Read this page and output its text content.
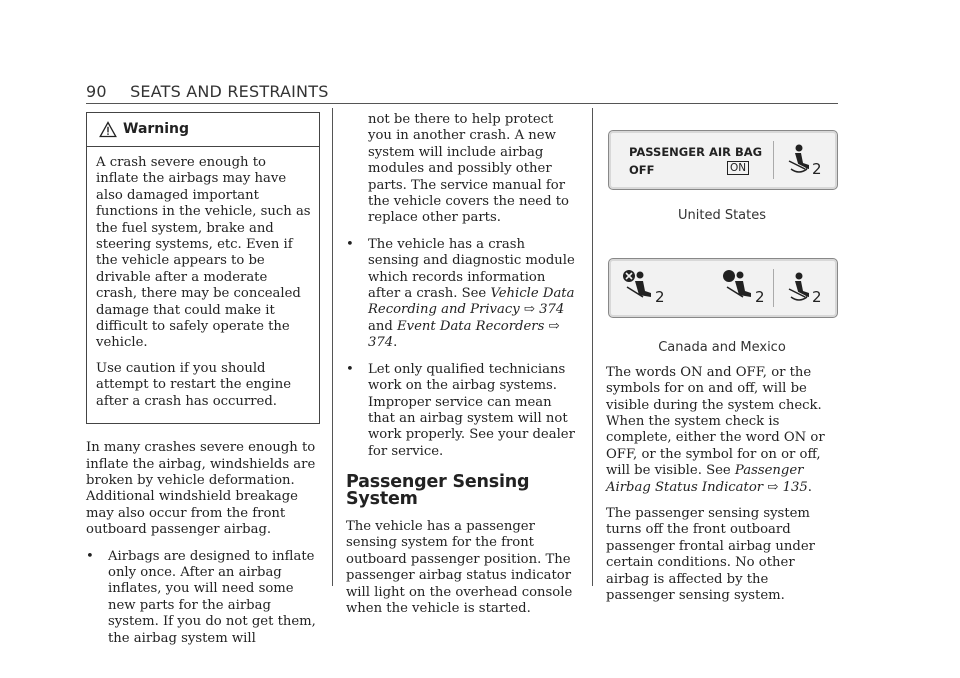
90 SEATS AND RESTRAINTS
Warning

A crash severe enough to inflate the airbags may have also damaged important functions in the vehicle, such as the fuel system, brake and steering systems, etc. Even if the vehicle appears to be drivable after a moderate crash, there may be concealed damage that could make it difficult to safely operate the vehicle.

Use caution if you should attempt to restart the engine after a crash has occurred.

In many crashes severe enough to inflate the airbag, windshields are broken by vehicle deformation. Additional windshield breakage may also occur from the front outboard passenger airbag.

•	Airbags are designed to inflate only once. After an airbag inflates, you will need some new parts for the airbag system. If you do not get them, the airbag system will
not be there to help protect you in another crash. A new system will include airbag modules and possibly other parts. The service manual for the vehicle covers the need to replace other parts.
•	The vehicle has a crash sensing and diagnostic module which records information after a crash. See Vehicle Data Recording and Privacy ⇨ 374 and Event Data Recorders ⇨ 374.
•	Let only qualified technicians work on the airbag systems. Improper service can mean that an airbag system will not work properly. See your dealer for service.
Passenger Sensing System

The vehicle has a passenger sensing system for the front outboard passenger position. The passenger airbag status indicator will light on the overhead console when the vehicle is started.

PASSENGER AIR BAG
OFF	ON	2
United States
2	2	2
Canada and Mexico

The words ON and OFF, or the symbols for on and off, will be visible during the system check. When the system check is complete, either the word ON or OFF, or the symbol for on or off, will be visible. See Passenger Airbag Status Indicator ⇨ 135.

The passenger sensing system turns off the front outboard passenger frontal airbag under certain conditions. No other airbag is affected by the passenger sensing system.
